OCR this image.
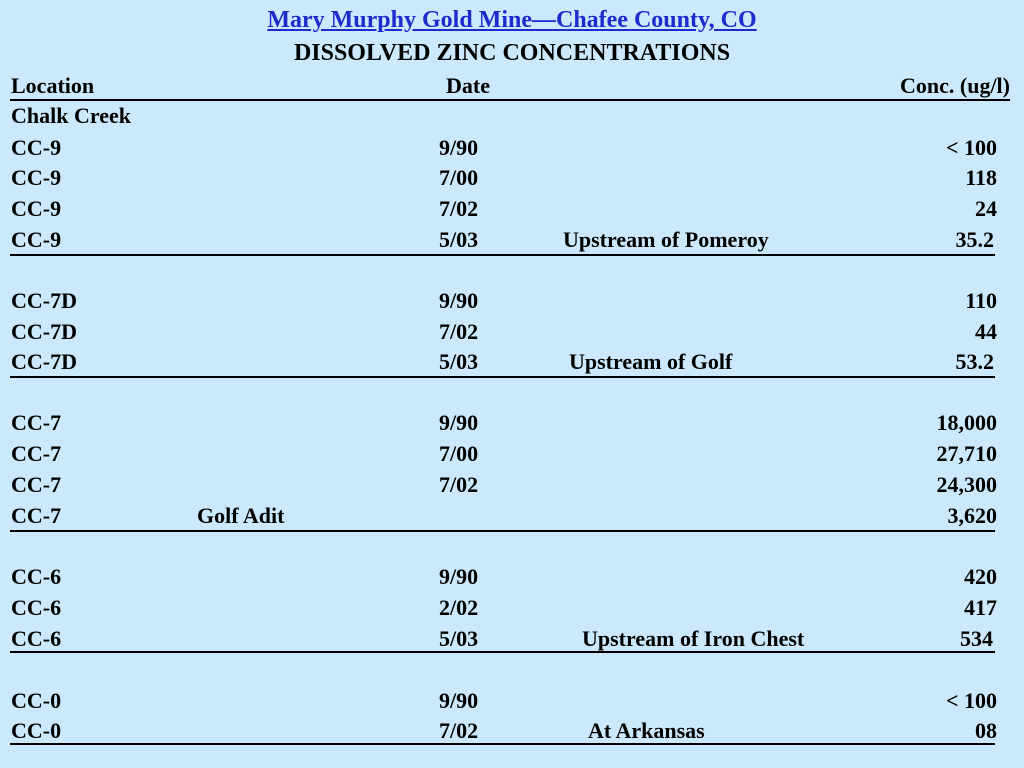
Mary Murphy Gold Mine—Chafee County, CO
DISSOLVED ZINC CONCENTRATIONS
Location	Date	Conc. (ug/l)
Chalk Creek
CC-9	9/90	< 100
CC-9	7/00	118
CC-9	7/02	24
CC-9	5/03	Upstream of Pomeroy	35.2
CC-7D	9/90	110
CC-7D	7/02	44
CC-7D	5/03	Upstream of Golf	53.2
CC-7	9/90	18,000
CC-7	7/00	27,710
CC-7	7/02	24,300
CC-7	Golf Adit	3,620
CC-6	9/90	420
CC-6	2/02	417
CC-6	5/03	Upstream of Iron Chest	534
CC-0	9/90	< 100
CC-0	7/02	At Arkansas	08
